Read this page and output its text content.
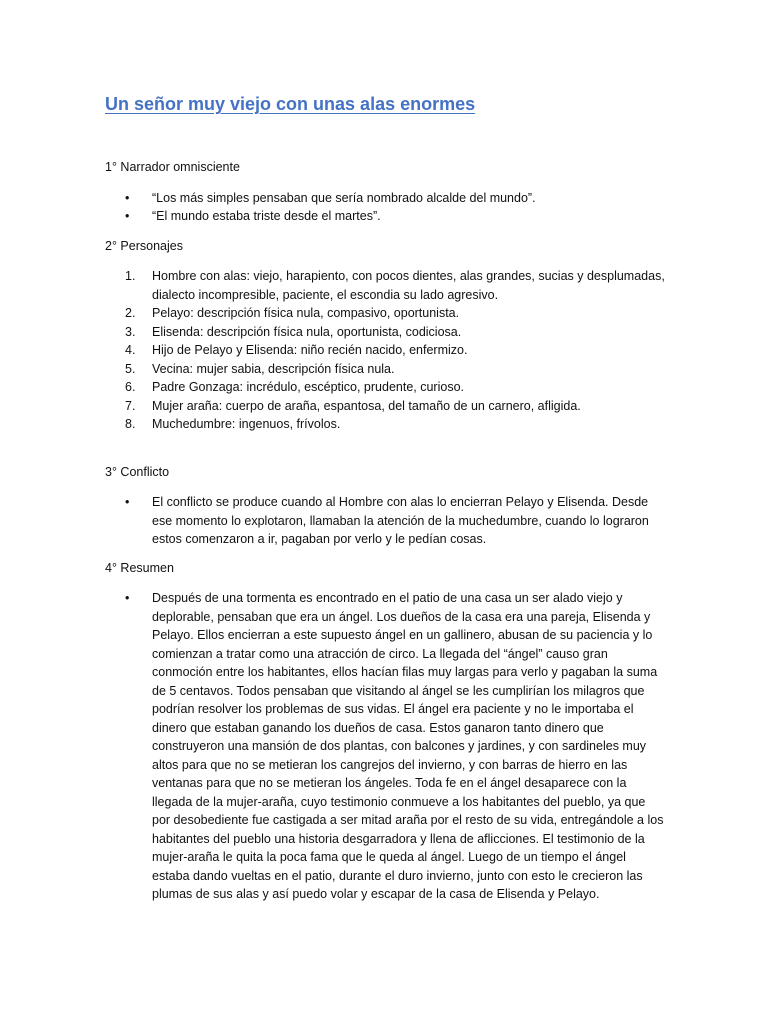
Un señor muy viejo con unas alas enormes

1° Narrador omnisciente

• “Los más simples pensaban que sería nombrado alcalde del mundo”.
• “El mundo estaba triste desde el martes”.

2° Personajes

1. Hombre con alas: viejo, harapiento, con pocos dientes, alas grandes, sucias y desplumadas, dialecto incompresible, paciente, el escondia su lado agresivo.
2. Pelayo: descripción física nula, compasivo, oportunista.
3. Elisenda: descripción física nula, oportunista, codiciosa.
4. Hijo de Pelayo y Elisenda: niño recién nacido, enfermizo.
5. Vecina: mujer sabia, descripción física nula.
6. Padre Gonzaga: incrédulo, escéptico, prudente, curioso.
7. Mujer araña: cuerpo de araña, espantosa, del tamaño de un carnero, afligida.
8. Muchedumbre: ingenuos, frívolos.

3° Conflicto

• El conflicto se produce cuando al Hombre con alas lo encierran Pelayo y Elisenda. Desde ese momento lo explotaron, llamaban la atención de la muchedumbre, cuando lo lograron estos comenzaron a ir, pagaban por verlo y le pedían cosas.

4° Resumen

• Después de una tormenta es encontrado en el patio de una casa un ser alado viejo y deplorable, pensaban que era un ángel. Los dueños de la casa era una pareja, Elisenda y Pelayo. Ellos encierran a este supuesto ángel en un gallinero, abusan de su paciencia y lo comienzan a tratar como una atracción de circo. La llegada del “ángel” causo gran conmoción entre los habitantes, ellos hacían filas muy largas para verlo y pagaban la suma de 5 centavos. Todos pensaban que visitando al ángel se les cumplirían los milagros que podrían resolver los problemas de sus vidas. El ángel era paciente y no le importaba el dinero que estaban ganando los dueños de casa. Estos ganaron tanto dinero que construyeron una mansión de dos plantas, con balcones y jardines, y con sardineles muy altos para que no se metieran los cangrejos del invierno, y con barras de hierro en las ventanas para que no se metieran los ángeles. Toda fe en el ángel desaparece con la llegada de la mujer-araña, cuyo testimonio conmueve a los habitantes del pueblo, ya que por desobediente fue castigada a ser mitad araña por el resto de su vida, entregándole a los habitantes del pueblo una historia desgarradora y llena de aflicciones. El testimonio de la mujer-araña le quita la poca fama que le queda al ángel. Luego de un tiempo el ángel estaba dando vueltas en el patio, durante el duro invierno, junto con esto le crecieron las plumas de sus alas y así puedo volar y escapar de la casa de Elisenda y Pelayo.
